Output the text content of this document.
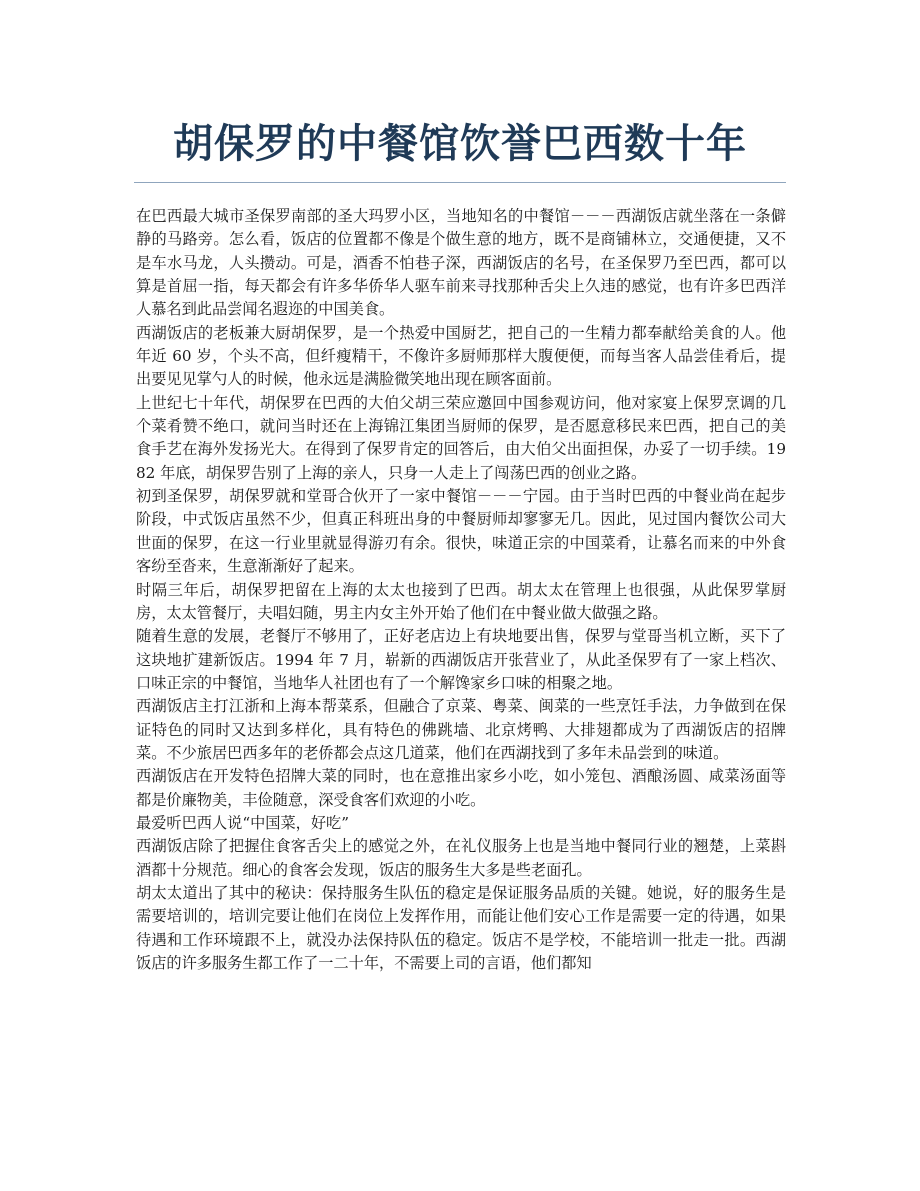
胡保罗的中餐馆饮誉巴西数十年

在巴西最大城市圣保罗南部的圣大玛罗小区，当地知名的中餐馆－－－西湖饭店就坐落在一条僻静的马路旁。怎么看，饭店的位置都不像是个做生意的地方，既不是商铺林立，交通便捷，又不是车水马龙，人头攒动。可是，酒香不怕巷子深，西湖饭店的名号，在圣保罗乃至巴西，都可以算是首屈一指，每天都会有许多华侨华人驱车前来寻找那种舌尖上久违的感觉，也有许多巴西洋人慕名到此品尝闻名遐迩的中国美食。

西湖饭店的老板兼大厨胡保罗，是一个热爱中国厨艺，把自己的一生精力都奉献给美食的人。他年近 60 岁，个头不高，但纤瘦精干，不像许多厨师那样大腹便便，而每当客人品尝佳肴后，提出要见见掌勺人的时候，他永远是满脸微笑地出现在顾客面前。

上世纪七十年代，胡保罗在巴西的大伯父胡三荣应邀回中国参观访问，他对家宴上保罗烹调的几个菜肴赞不绝口，就问当时还在上海锦江集团当厨师的保罗，是否愿意移民来巴西，把自己的美食手艺在海外发扬光大。在得到了保罗肯定的回答后，由大伯父出面担保，办妥了一切手续。1982 年底，胡保罗告别了上海的亲人，只身一人走上了闯荡巴西的创业之路。

初到圣保罗，胡保罗就和堂哥合伙开了一家中餐馆－－－宁园。由于当时巴西的中餐业尚在起步阶段，中式饭店虽然不少，但真正科班出身的中餐厨师却寥寥无几。因此，见过国内餐饮公司大世面的保罗，在这一行业里就显得游刃有余。很快，味道正宗的中国菜肴，让慕名而来的中外食客纷至沓来，生意渐渐好了起来。

时隔三年后，胡保罗把留在上海的太太也接到了巴西。胡太太在管理上也很强，从此保罗掌厨房，太太管餐厅，夫唱妇随，男主内女主外开始了他们在中餐业做大做强之路。

随着生意的发展，老餐厅不够用了，正好老店边上有块地要出售，保罗与堂哥当机立断，买下了这块地扩建新饭店。1994 年 7 月，崭新的西湖饭店开张营业了，从此圣保罗有了一家上档次、口味正宗的中餐馆，当地华人社团也有了一个解馋家乡口味的相聚之地。

西湖饭店主打江浙和上海本帮菜系，但融合了京菜、粤菜、闽菜的一些烹饪手法，力争做到在保证特色的同时又达到多样化，具有特色的佛跳墙、北京烤鸭、大排翅都成为了西湖饭店的招牌菜。不少旅居巴西多年的老侨都会点这几道菜，他们在西湖找到了多年未品尝到的味道。

西湖饭店在开发特色招牌大菜的同时，也在意推出家乡小吃，如小笼包、酒酿汤圆、咸菜汤面等都是价廉物美，丰俭随意，深受食客们欢迎的小吃。

最爱听巴西人说“中国菜，好吃”

西湖饭店除了把握住食客舌尖上的感觉之外，在礼仪服务上也是当地中餐同行业的翘楚，上菜斟酒都十分规范。细心的食客会发现，饭店的服务生大多是些老面孔。

胡太太道出了其中的秘诀：保持服务生队伍的稳定是保证服务品质的关键。她说，好的服务生是需要培训的，培训完要让他们在岗位上发挥作用，而能让他们安心工作是需要一定的待遇，如果待遇和工作环境跟不上，就没办法保持队伍的稳定。饭店不是学校，不能培训一批走一批。西湖饭店的许多服务生都工作了一二十年，不需要上司的言语，他们都知
